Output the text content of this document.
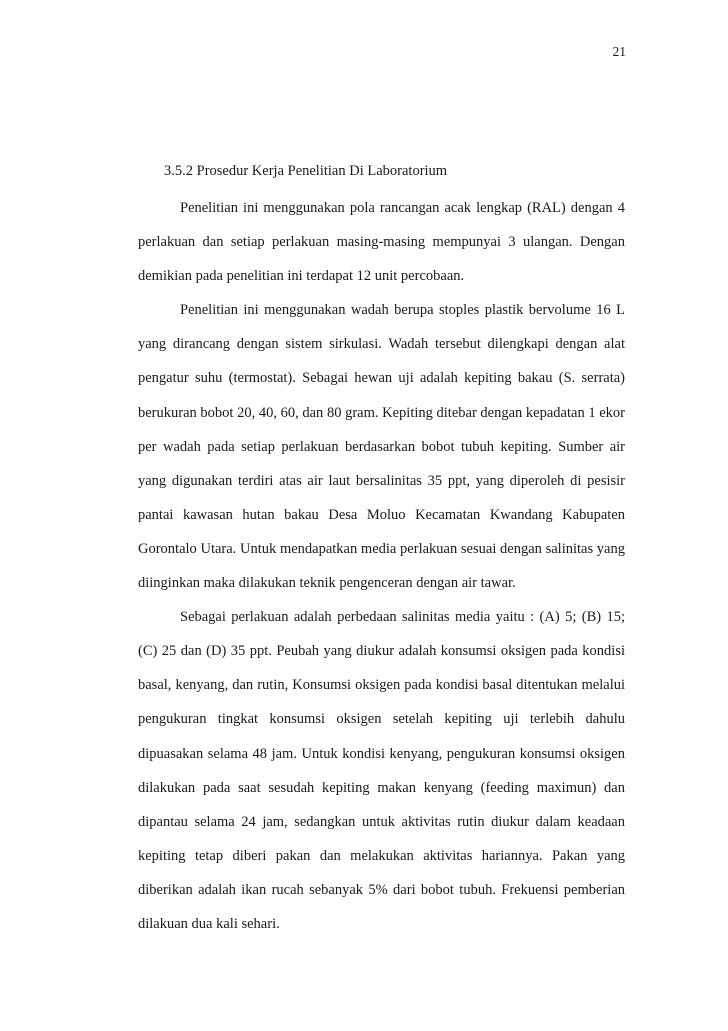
21
3.5.2 Prosedur Kerja Penelitian Di Laboratorium

Penelitian ini menggunakan pola rancangan acak lengkap (RAL) dengan 4 perlakuan dan setiap perlakuan masing-masing mempunyai 3 ulangan. Dengan demikian pada penelitian ini terdapat 12 unit percobaan.

Penelitian ini menggunakan wadah berupa stoples plastik bervolume 16 L yang dirancang dengan sistem sirkulasi. Wadah tersebut dilengkapi dengan alat pengatur suhu (termostat). Sebagai hewan uji adalah kepiting bakau (S. serrata) berukuran bobot 20, 40, 60, dan 80 gram. Kepiting ditebar dengan kepadatan 1 ekor per wadah pada setiap perlakuan berdasarkan bobot tubuh kepiting. Sumber air yang digunakan terdiri atas air laut bersalinitas 35 ppt, yang diperoleh di pesisir pantai kawasan hutan bakau Desa Moluo Kecamatan Kwandang Kabupaten Gorontalo Utara. Untuk mendapatkan media perlakuan sesuai dengan salinitas yang diinginkan maka dilakukan teknik pengenceran dengan air tawar.

Sebagai perlakuan adalah perbedaan salinitas media yaitu : (A) 5; (B) 15; (C) 25 dan (D) 35 ppt. Peubah yang diukur adalah konsumsi oksigen pada kondisi basal, kenyang, dan rutin, Konsumsi oksigen pada kondisi basal ditentukan melalui pengukuran tingkat konsumsi oksigen setelah kepiting uji terlebih dahulu dipuasakan selama 48 jam. Untuk kondisi kenyang, pengukuran konsumsi oksigen dilakukan pada saat sesudah kepiting makan kenyang (feeding maximun) dan dipantau selama 24 jam, sedangkan untuk aktivitas rutin diukur dalam keadaan kepiting tetap diberi pakan dan melakukan aktivitas hariannya. Pakan yang diberikan adalah ikan rucah sebanyak 5% dari bobot tubuh. Frekuensi pemberian dilakuan dua kali sehari.
